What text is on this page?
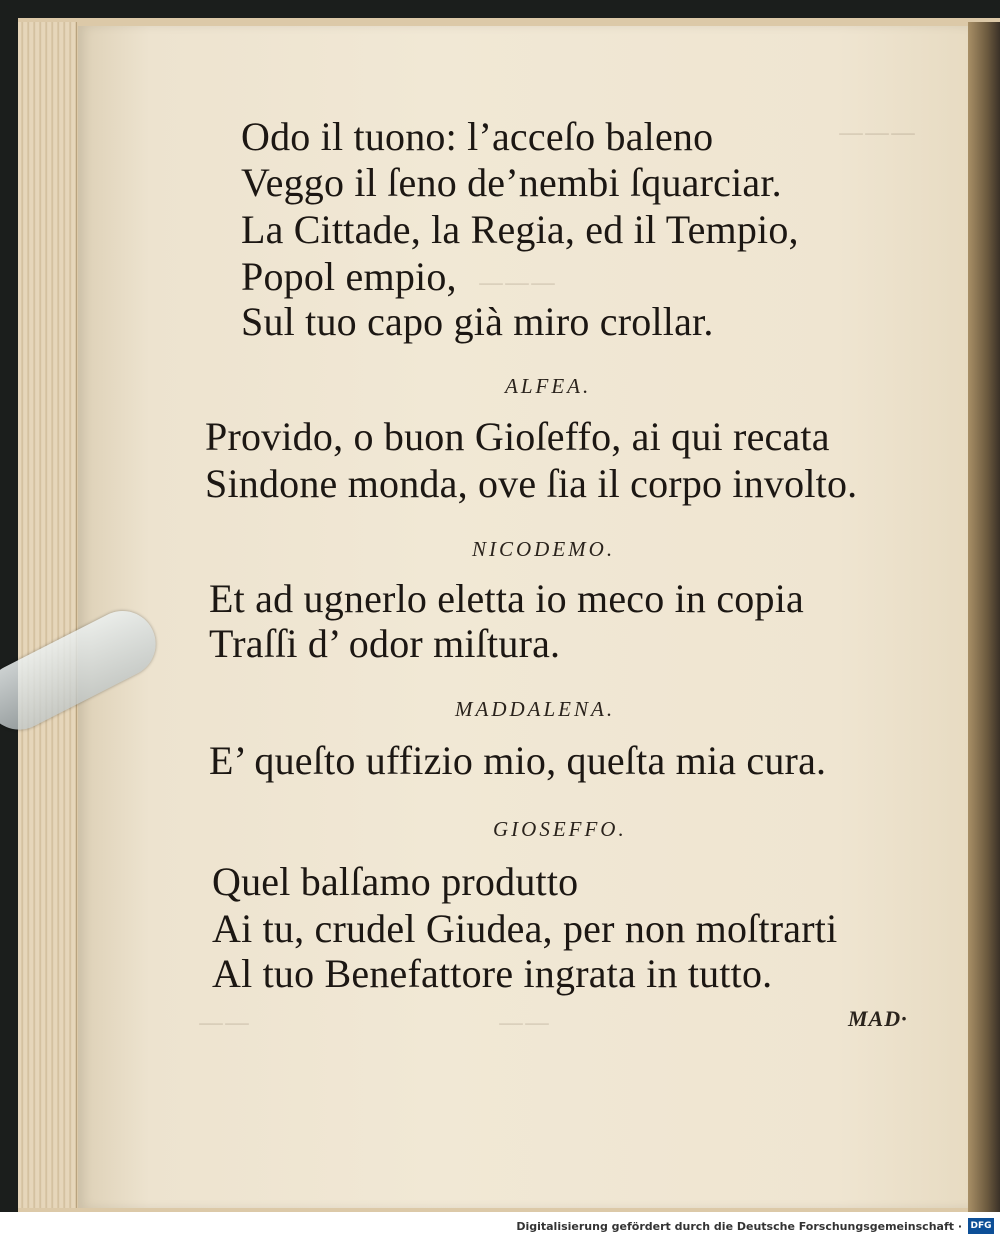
———
———
——	——
Odo il tuono: l’acceſo baleno
Veggo il ſeno de’nembi ſquarciar.
La Cittade, la Regia, ed il Tempio,
Popol empio,
Sul tuo capo già miro crollar.
ALFEA.
Provido, o buon Gioſeffo, ai qui recata
Sindone monda, ove ſia il corpo involto.
NICODEMO.
Et ad ugnerlo eletta io meco in copia
Traſſi d’ odor miſtura.
MADDALENA.
E’ queſto uffizio mio, queſta mia cura.
GIOSEFFO.
Quel balſamo produtto
Ai tu, crudel Giudea, per non moſtrarti
Al tuo Benefattore ingrata in tutto.
MAD·
Digitalisierung gefördert durch die Deutsche Forschungsgemeinschaft · DFG
